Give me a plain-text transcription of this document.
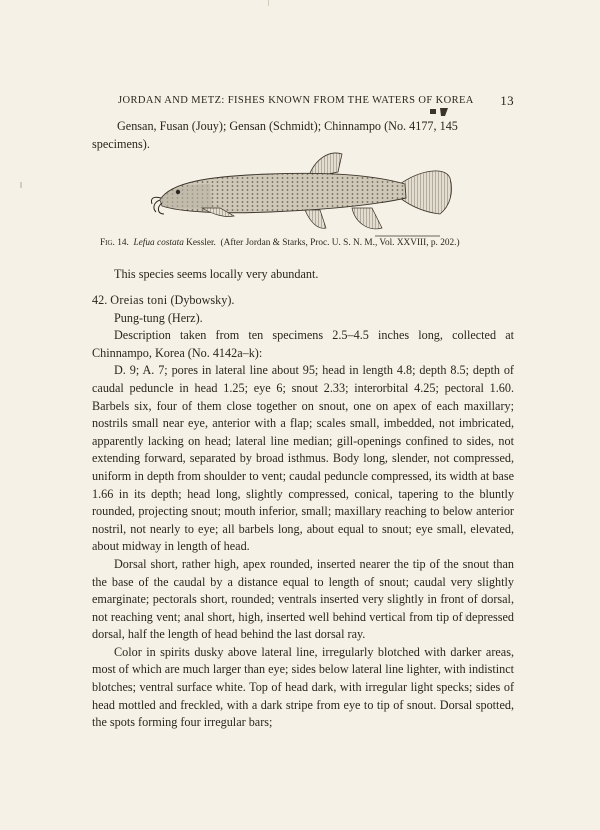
JORDAN AND METZ: FISHES KNOWN FROM THE WATERS OF KOREA 13
Gensan, Fusan (Jouy); Gensan (Schmidt); Chinnampo (No. 4177, 145
specimens).
Fig. 14. Lefua costata Kessler. (After Jordan & Starks, Proc. U. S. N. M., Vol. XXVIII, p. 202.)
This species seems locally very abundant.
42. Oreias toni (Dybowsky).
Pung-tung (Herz).
Description taken from ten specimens 2.5–4.5 inches long, collected at Chinnampo, Korea (No. 4142a–k):
D. 9; A. 7; pores in lateral line about 95; head in length 4.8; depth 8.5; depth of caudal peduncle in head 1.25; eye 6; snout 2.33; interorbital 4.25; pectoral 1.60. Barbels six, four of them close together on snout, one on apex of each maxillary; nostrils small near eye, anterior with a flap; scales small, imbedded, not imbricated, apparently lacking on head; lateral line median; gill-openings confined to sides, not extending forward, separated by broad isthmus. Body long, slender, not compressed, uniform in depth from shoulder to vent; caudal peduncle compressed, its width at base 1.66 in its depth; head long, slightly compressed, conical, tapering to the bluntly rounded, projecting snout; mouth inferior, small; maxillary reaching to below anterior nostril, not nearly to eye; all barbels long, about equal to snout; eye small, elevated, about midway in length of head.
Dorsal short, rather high, apex rounded, inserted nearer the tip of the snout than the base of the caudal by a distance equal to length of snout; caudal very slightly emarginate; pectorals short, rounded; ventrals inserted very slightly in front of dorsal, not reaching vent; anal short, high, inserted well behind vertical from tip of depressed dorsal, half the length of head behind the last dorsal ray.
Color in spirits dusky above lateral line, irregularly blotched with darker areas, most of which are much larger than eye; sides below lateral line lighter, with indistinct blotches; ventral surface white. Top of head dark, with irregular light specks; sides of head mottled and freckled, with a dark stripe from eye to tip of snout. Dorsal spotted, the spots forming four irregular bars;
